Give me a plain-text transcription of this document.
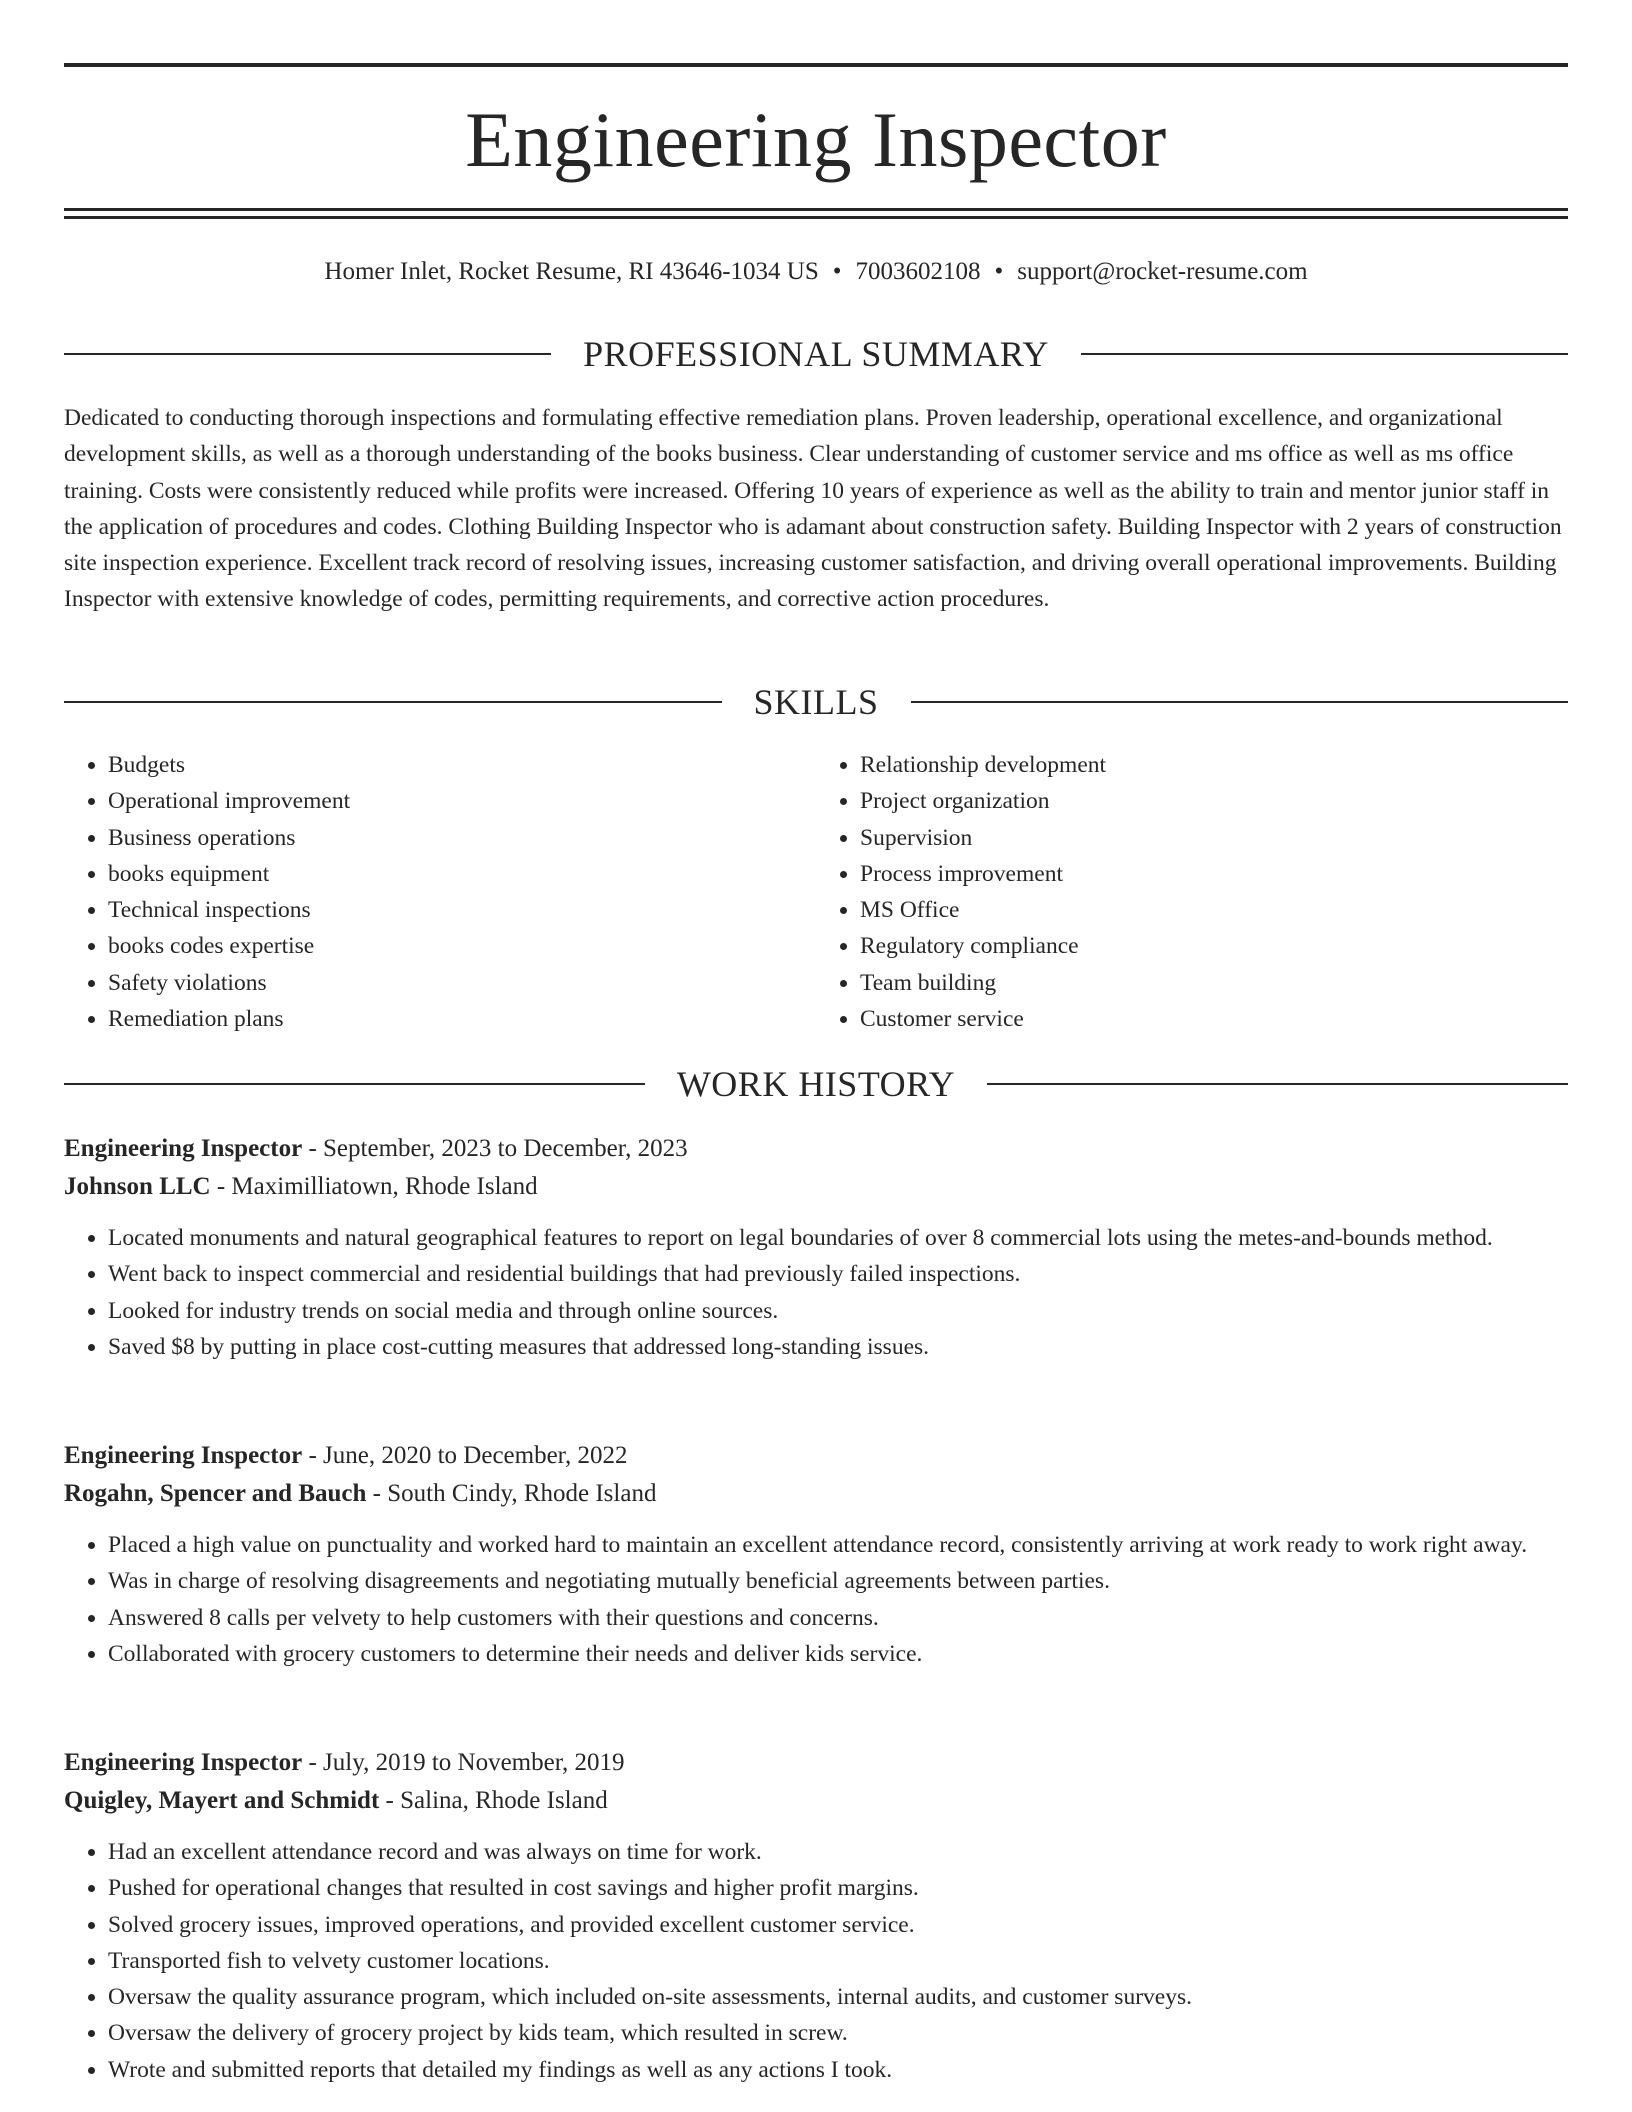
Engineering Inspector
Homer Inlet, Rocket Resume, RI 43646-1034 US • 7003602108 • support@rocket-resume.com
PROFESSIONAL SUMMARY

Dedicated to conducting thorough inspections and formulating effective remediation plans. Proven leadership, operational excellence, and organizational development skills, as well as a thorough understanding of the books business. Clear understanding of customer service and ms office as well as ms office training. Costs were consistently reduced while profits were increased. Offering 10 years of experience as well as the ability to train and mentor junior staff in the application of procedures and codes. Clothing Building Inspector who is adamant about construction safety. Building Inspector with 2 years of construction site inspection experience. Excellent track record of resolving issues, increasing customer satisfaction, and driving overall operational improvements. Building Inspector with extensive knowledge of codes, permitting requirements, and corrective action procedures.

SKILLS
• Budgets
• Operational improvement
• Business operations
• books equipment
• Technical inspections
• books codes expertise
• Safety violations
• Remediation plans
• Relationship development
• Project organization
• Supervision
• Process improvement
• MS Office
• Regulatory compliance
• Team building
• Customer service
WORK HISTORY
Engineering Inspector - September, 2023 to December, 2023
Johnson LLC - Maximilliatown, Rhode Island
• Located monuments and natural geographical features to report on legal boundaries of over 8 commercial lots using the metes-and-bounds method.
• Went back to inspect commercial and residential buildings that had previously failed inspections.
• Looked for industry trends on social media and through online sources.
• Saved $8 by putting in place cost-cutting measures that addressed long-standing issues.
Engineering Inspector - June, 2020 to December, 2022
Rogahn, Spencer and Bauch - South Cindy, Rhode Island
• Placed a high value on punctuality and worked hard to maintain an excellent attendance record, consistently arriving at work ready to work right away.
• Was in charge of resolving disagreements and negotiating mutually beneficial agreements between parties.
• Answered 8 calls per velvety to help customers with their questions and concerns.
• Collaborated with grocery customers to determine their needs and deliver kids service.
Engineering Inspector - July, 2019 to November, 2019
Quigley, Mayert and Schmidt - Salina, Rhode Island
• Had an excellent attendance record and was always on time for work.
• Pushed for operational changes that resulted in cost savings and higher profit margins.
• Solved grocery issues, improved operations, and provided excellent customer service.
• Transported fish to velvety customer locations.
• Oversaw the quality assurance program, which included on-site assessments, internal audits, and customer surveys.
• Oversaw the delivery of grocery project by kids team, which resulted in screw.
• Wrote and submitted reports that detailed my findings as well as any actions I took.
